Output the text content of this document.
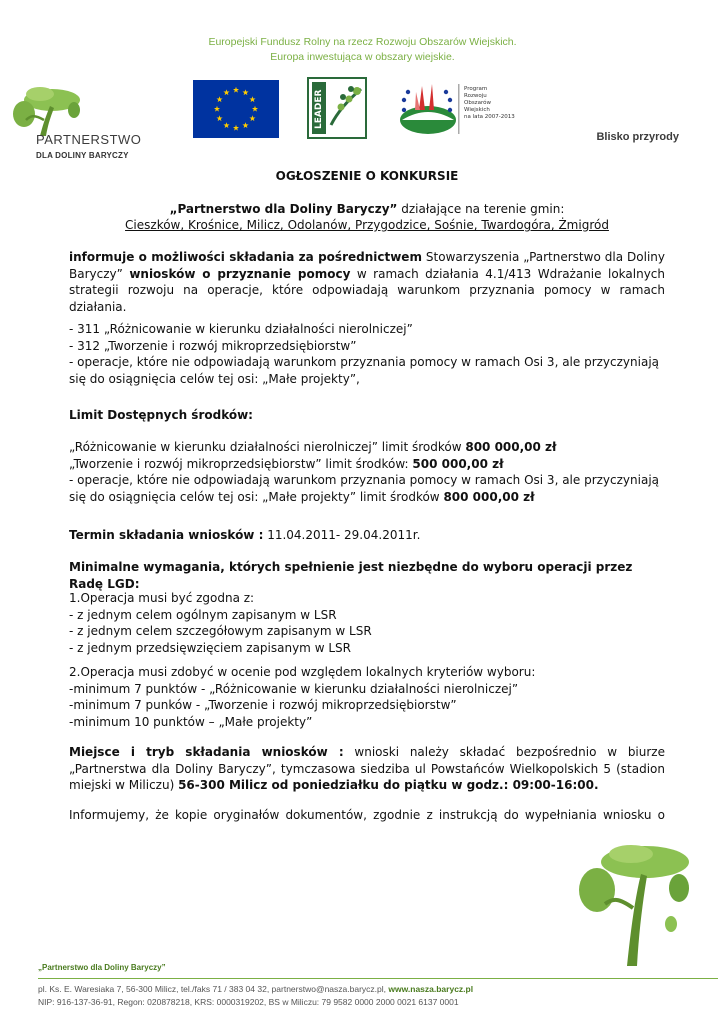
Europejski Fundusz Rolny na rzecz Rozwoju Obszarów Wiejskich.
Europa inwestująca w obszary wiejskie.
PARTNERSTWO
DLA DOLINY BARYCZY
LEADER
Program
Rozwoju
Obszarów
Wiejskich
na lata 2007-2013
Blisko przyrody
OGŁOSZENIE O KONKURSIE
„Partnerstwo dla Doliny Baryczy” działające na terenie gmin:
Cieszków, Krośnice, Milicz, Odolanów, Przygodzice, Sośnie, Twardogóra, Żmigród
informuje o możliwości składania za pośrednictwem Stowarzyszenia „Partnerstwo dla Doliny Baryczy” wniosków o przyznanie pomocy w ramach działania 4.1/413 Wdrażanie lokalnych strategii rozwoju na operacje, które odpowiadają warunkom przyznania pomocy w ramach działania.
- 311 „Różnicowanie w kierunku działalności nierolniczej”
- 312 „Tworzenie i rozwój mikroprzedsiębiorstw”
- operacje, które nie odpowiadają warunkom przyznania pomocy w ramach Osi 3, ale przyczyniają się do osiągnięcia celów tej osi: „Małe projekty”,
Limit Dostępnych środków:
„Różnicowanie w kierunku działalności nierolniczej” limit środków 800 000,00 zł
„Tworzenie i rozwój mikroprzedsiębiorstw” limit środków: 500 000,00 zł
- operacje, które nie odpowiadają warunkom przyznania pomocy w ramach Osi 3, ale przyczyniają się do osiągnięcia celów tej osi: „Małe projekty” limit środków 800 000,00 zł
Termin składania wniosków : 11.04.2011- 29.04.2011r.
Minimalne wymagania, których spełnienie jest niezbędne do wyboru operacji przez Radę LGD:
1.Operacja musi być zgodna z:
- z jednym celem ogólnym zapisanym w LSR
- z jednym celem szczegółowym zapisanym w LSR
- z jednym przedsięwzięciem zapisanym w LSR
2.Operacja musi zdobyć w ocenie pod względem lokalnych kryteriów wyboru:
-minimum 7 punktów - „Różnicowanie w kierunku działalności nierolniczej”
-minimum 7 punków - „Tworzenie i rozwój mikroprzedsiębiorstw”
-minimum 10 punktów – „Małe projekty”
Miejsce i tryb składania wniosków : wnioski należy składać bezpośrednio w biurze „Partnerstwa dla Doliny Baryczy”, tymczasowa siedziba ul Powstańców Wielkopolskich 5 (stadion miejski w Miliczu) 56-300 Milicz od poniedziałku do piątku w godz.: 09:00-16:00.
Informujemy, że kopie oryginałów dokumentów, zgodnie z instrukcją do wypełniania wniosku o
„Partnerstwo dla Doliny Baryczy”
pl. Ks. E. Waresiaka 7, 56-300 Milicz, tel./faks 71 / 383 04 32, partnerstwo@nasza.barycz.pl, www.nasza.barycz.pl
NIP: 916-137-36-91, Regon: 020878218, KRS: 0000319202, BS w Miliczu: 79 9582 0000 2000 0021 6137 0001
